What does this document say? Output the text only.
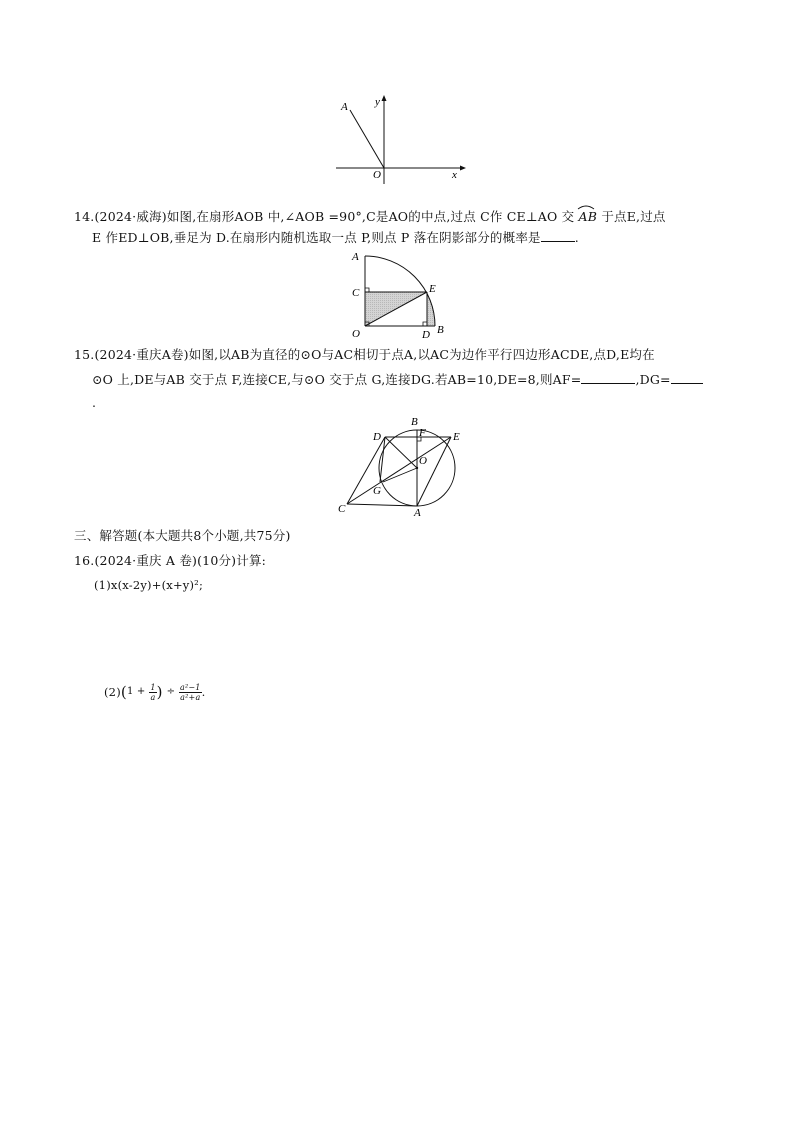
A y
O	x
14.(2024·威海)如图,在扇形AOB 中,∠AOB =90°,C是AO的中点,过点 C作 CE⊥AO 交 AB 于点E,过点
E 作ED⊥OB,垂足为 D.在扇形内随机选取一点 P,则点 P 落在阴影部分的概率是	.
A
C
O
E
D B
15.(2024·重庆A卷)如图,以AB为直径的⊙O与AC相切于点A,以AC为边作平行四边形ACDE,点D,E均在
⊙O 上,DE与AB 交于点 F,连接CE,与⊙O 交于点 G,连接DG.若AB=10,DE=8,则AF=	,DG=
.
B
D	F E
O
G
C	A
三、解答题(本大题共8个小题,共75分)
16.(2024·重庆 A 卷)(10分)计算:
(1)x(x-2y)+(x+y)²;
$(2)(1 + \frac{1}{a}$ ) ÷ $\frac{\text{a²−1}}{\text{a²+a}}$ .
